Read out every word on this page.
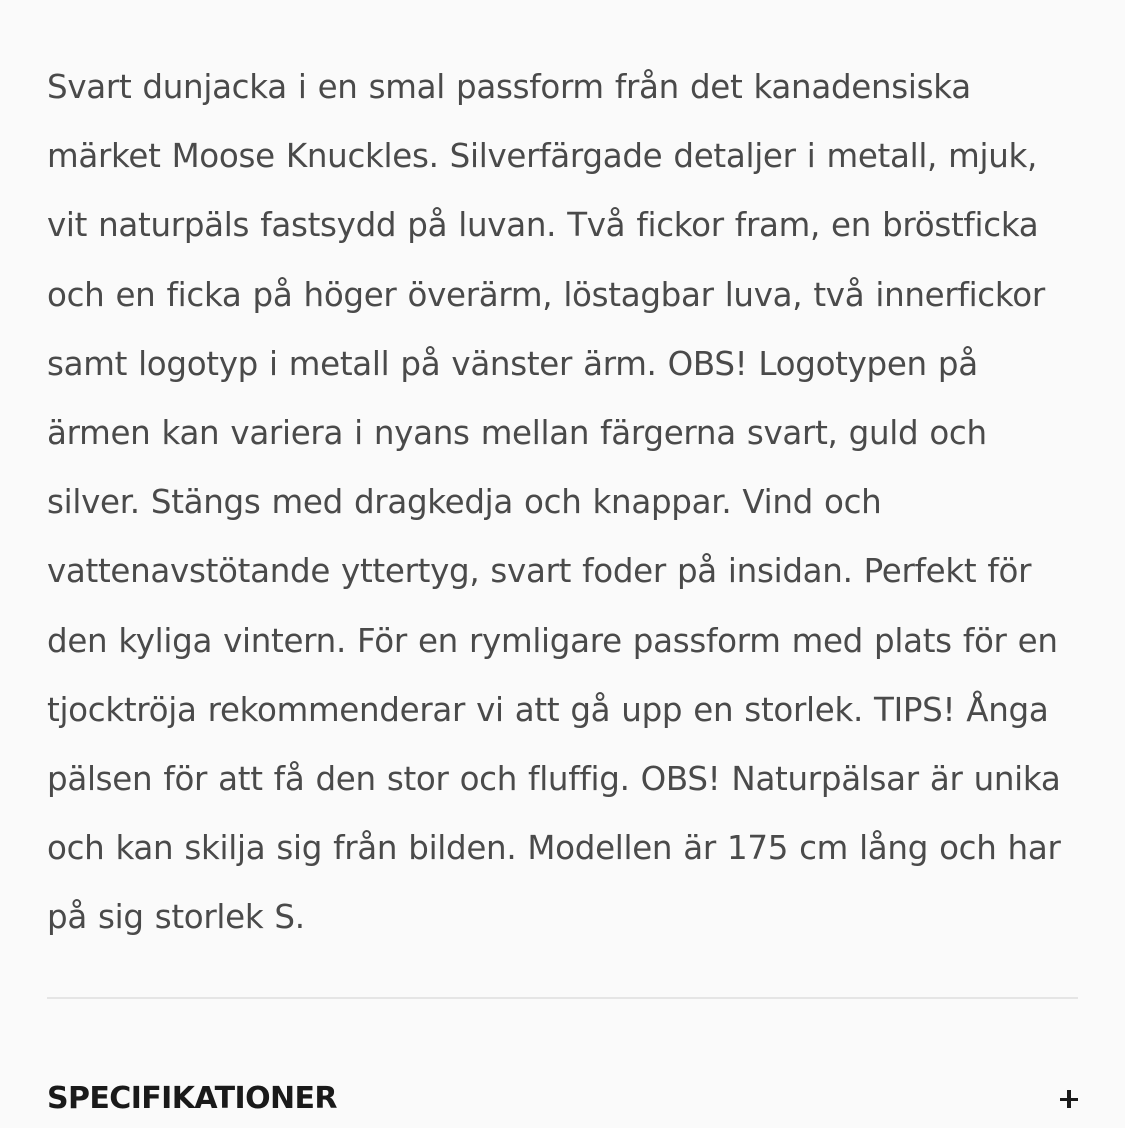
Svart dunjacka i en smal passform från det kanadensiska märket Moose Knuckles. Silverfärgade detaljer i metall, mjuk, vit naturpäls fastsydd på luvan. Två fickor fram, en bröstficka och en ficka på höger överärm, löstagbar luva, två innerfickor samt logotyp i metall på vänster ärm. OBS! Logotypen på ärmen kan variera i nyans mellan färgerna svart, guld och silver. Stängs med dragkedja och knappar. Vind och vattenavstötande yttertyg, svart foder på insidan. Perfekt för den kyliga vintern. För en rymligare passform med plats för en tjocktröja rekommenderar vi att gå upp en storlek. TIPS! Ånga pälsen för att få den stor och fluffig. OBS! Naturpälsar är unika och kan skilja sig från bilden. Modellen är 175 cm lång och har på sig storlek S.

SPECIFIKATIONER
